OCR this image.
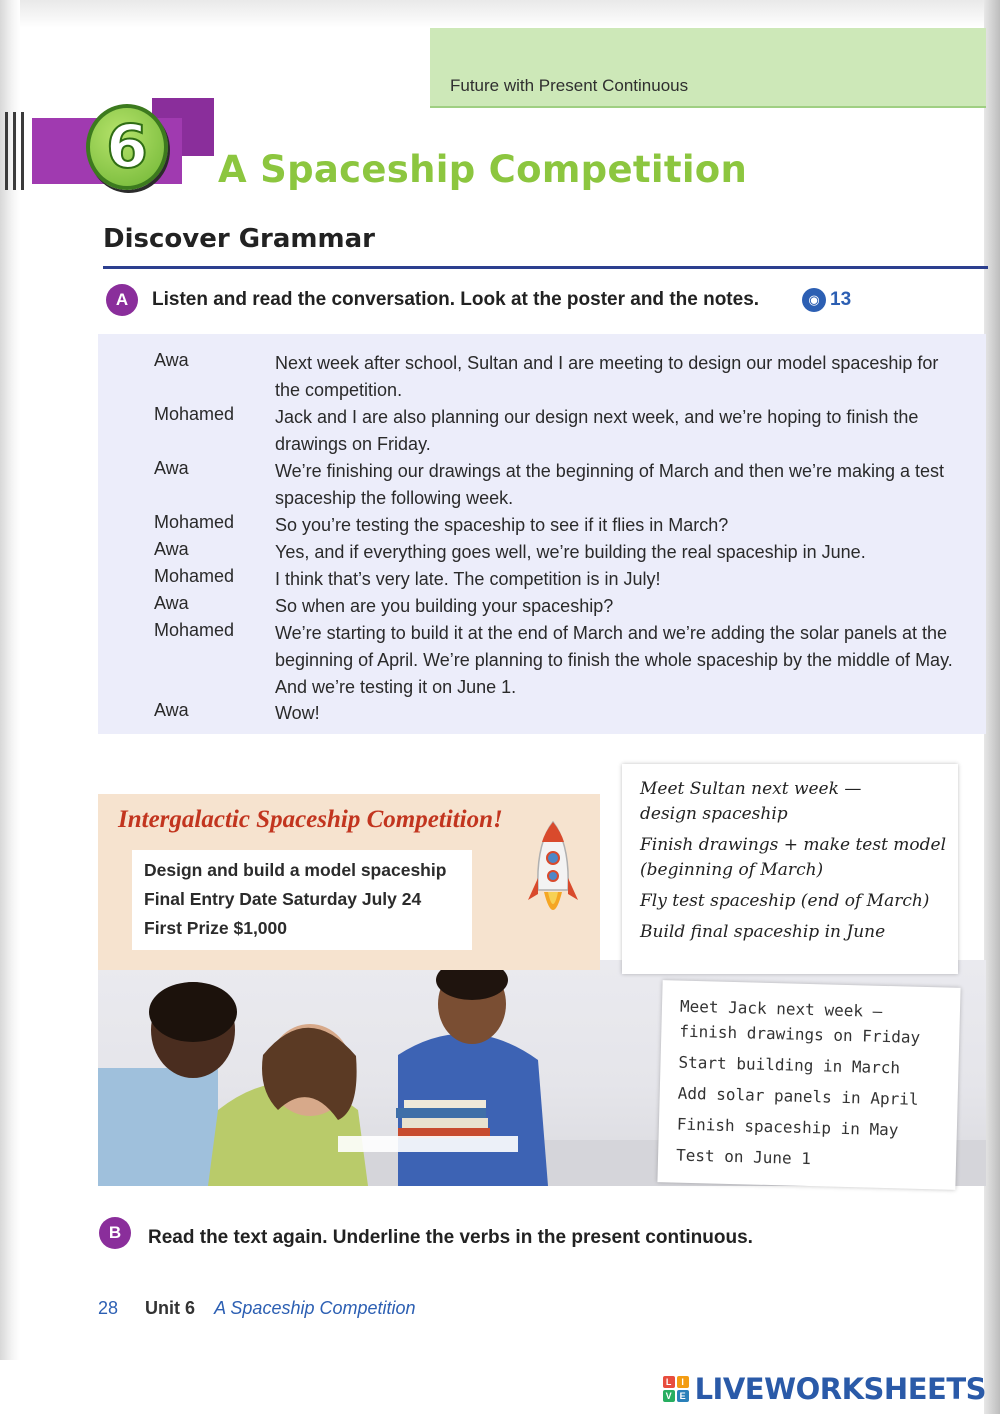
Future with Present Continuous
6	A Spaceship Competition
Discover Grammar
A	Listen and read the conversation. Look at the poster and the notes.	◉ 13
Awa	Next week after school, Sultan and I are meeting to design our model spaceship for the competition.
Mohamed Jack and I are also planning our design next week, and we’re hoping to finish the drawings on Friday.
Awa	We’re finishing our drawings at the beginning of March and then we’re making a test spaceship the following week.
Mohamed So you’re testing the spaceship to see if it flies in March?
Awa	Yes, and if everything goes well, we’re building the real spaceship in June.
Mohamed I think that’s very late. The competition is in July!
Awa	So when are you building your spaceship?
Mohamed We’re starting to build it at the end of March and we’re adding the solar panels at the beginning of April. We’re planning to finish the whole spaceship by the middle of May. And we’re testing it on June 1.
Awa	Wow!
Intergalactic Spaceship Competition!
Design and build a model spaceship
Final Entry Date Saturday July 24
First Prize $1,000
Meet Sultan next week —
design spaceship
Finish drawings + make test model
(beginning of March)
Fly test spaceship (end of March)
Build final spaceship in June
Meet Jack next week —
finish drawings on Friday
Start building in March
Add solar panels in April
Finish spaceship in May
Test on June 1
B	Read the text again. Underline the verbs in the present continuous.
28 Unit 6 A Spaceship Competition
L	I
V E LIVEWORKSHEETS
